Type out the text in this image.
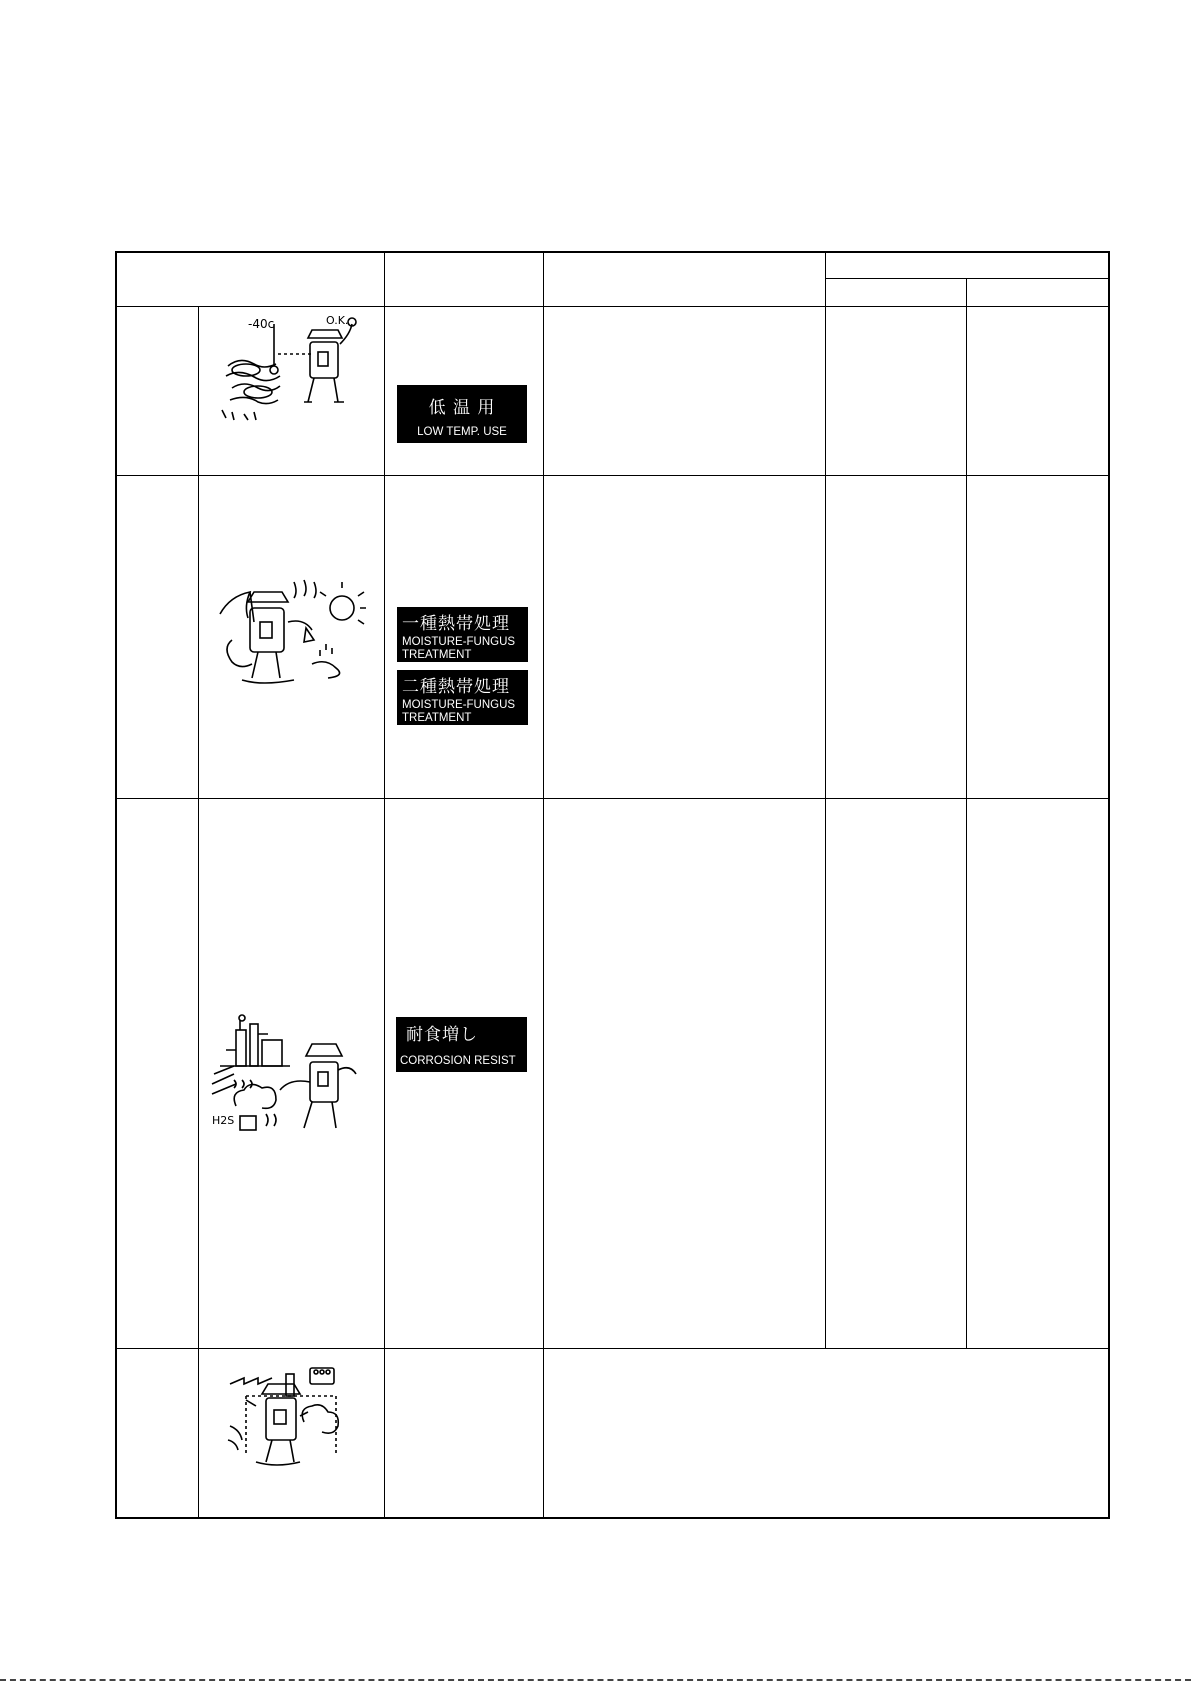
-40c	O.K.
低 温 用
LOW TEMP. USE
一種熱帯処理
MOISTURE-FUNGUS
TREATMENT
二種熱帯処理
MOISTURE-FUNGUS
TREATMENT
H2S
耐食増し
CORROSION RESIST
